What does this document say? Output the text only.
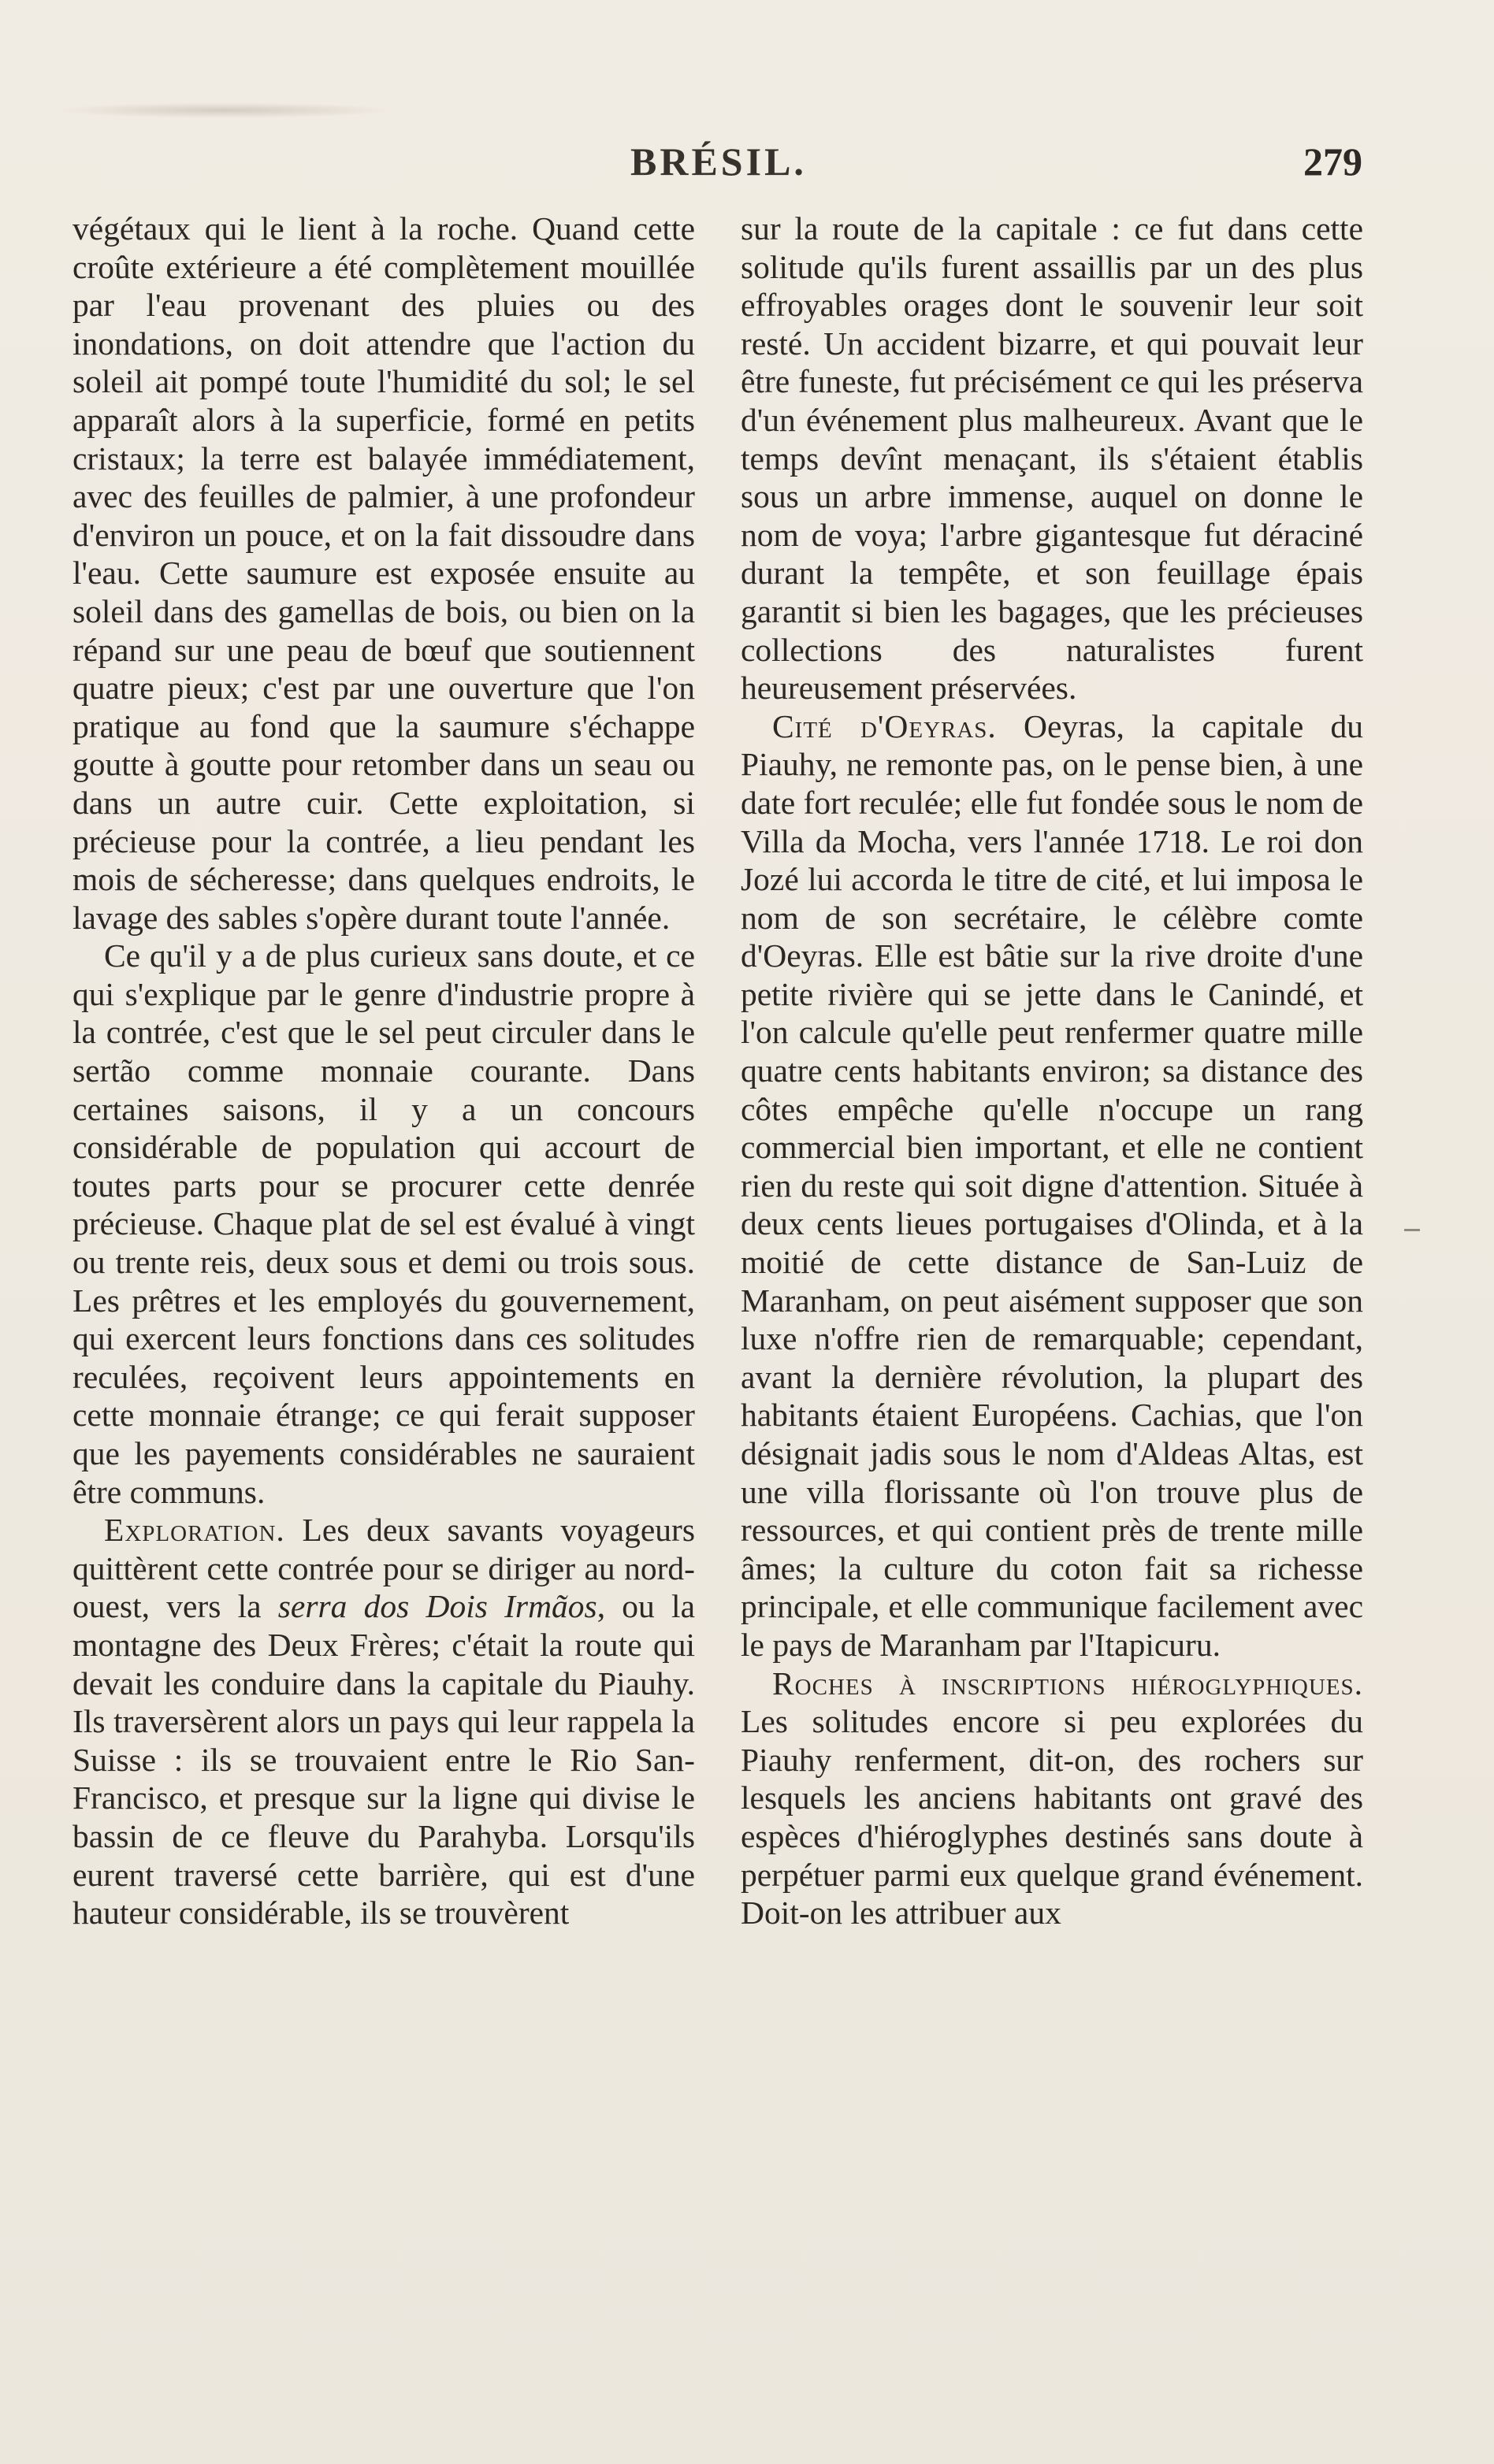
BRÉSIL.	279

végétaux qui le lient à la roche. Quand cette croûte extérieure a été complètement mouillée par l'eau provenant des pluies ou des inondations, on doit attendre que l'action du soleil ait pompé toute l'humidité du sol; le sel apparaît alors à la superficie, formé en petits cristaux; la terre est balayée immédiatement, avec des feuilles de palmier, à une profondeur d'environ un pouce, et on la fait dissoudre dans l'eau. Cette saumure est exposée ensuite au soleil dans des gamellas de bois, ou bien on la répand sur une peau de bœuf que soutiennent quatre pieux; c'est par une ouverture que l'on pratique au fond que la saumure s'échappe goutte à goutte pour retomber dans un seau ou dans un autre cuir. Cette exploitation, si précieuse pour la contrée, a lieu pendant les mois de sécheresse; dans quelques endroits, le lavage des sables s'opère durant toute l'année.

Ce qu'il y a de plus curieux sans doute, et ce qui s'explique par le genre d'industrie propre à la contrée, c'est que le sel peut circuler dans le sertão comme monnaie courante. Dans certaines saisons, il y a un concours considérable de population qui accourt de toutes parts pour se procurer cette denrée précieuse. Chaque plat de sel est évalué à vingt ou trente reis, deux sous et demi ou trois sous. Les prêtres et les employés du gouvernement, qui exercent leurs fonctions dans ces solitudes reculées, reçoivent leurs appointements en cette monnaie étrange; ce qui ferait supposer que les payements considérables ne sauraient être communs.

Exploration. Les deux savants voyageurs quittèrent cette contrée pour se diriger au nord-ouest, vers la serra dos Dois Irmãos, ou la montagne des Deux Frères; c'était la route qui devait les conduire dans la capitale du Piauhy. Ils traversèrent alors un pays qui leur rappela la Suisse : ils se trouvaient entre le Rio San-Francisco, et presque sur la ligne qui divise le bassin de ce fleuve du Parahyba. Lorsqu'ils eurent traversé cette barrière, qui est d'une hauteur considérable, ils se trouvèrent

sur la route de la capitale : ce fut dans cette solitude qu'ils furent assaillis par un des plus effroyables orages dont le souvenir leur soit resté. Un accident bizarre, et qui pouvait leur être funeste, fut précisément ce qui les préserva d'un événement plus malheureux. Avant que le temps devînt menaçant, ils s'étaient établis sous un arbre immense, auquel on donne le nom de voya; l'arbre gigantesque fut déraciné durant la tempête, et son feuillage épais garantit si bien les bagages, que les précieuses collections des naturalistes furent heureusement préservées.

Cité d'Oeyras. Oeyras, la capitale du Piauhy, ne remonte pas, on le pense bien, à une date fort reculée; elle fut fondée sous le nom de Villa da Mocha, vers l'année 1718. Le roi don Jozé lui accorda le titre de cité, et lui imposa le nom de son secrétaire, le célèbre comte d'Oeyras. Elle est bâtie sur la rive droite d'une petite rivière qui se jette dans le Canindé, et l'on calcule qu'elle peut renfermer quatre mille quatre cents habitants environ; sa distance des côtes empêche qu'elle n'occupe un rang commercial bien important, et elle ne contient rien du reste qui soit digne d'attention. Située à deux cents lieues portugaises d'Olinda, et à la moitié de cette distance de San-Luiz de Maranham, on peut aisément supposer que son luxe n'offre rien de remarquable; cependant, avant la dernière révolution, la plupart des habitants étaient Européens. Cachias, que l'on désignait jadis sous le nom d'Aldeas Altas, est une villa florissante où l'on trouve plus de ressources, et qui contient près de trente mille âmes; la culture du coton fait sa richesse principale, et elle communique facilement avec le pays de Maranham par l'Itapicuru.

Roches à inscriptions hiéroglyphiques. Les solitudes encore si peu explorées du Piauhy renferment, dit-on, des rochers sur lesquels les anciens habitants ont gravé des espèces d'hiéroglyphes destinés sans doute à perpétuer parmi eux quelque grand événement. Doit-on les attribuer aux
